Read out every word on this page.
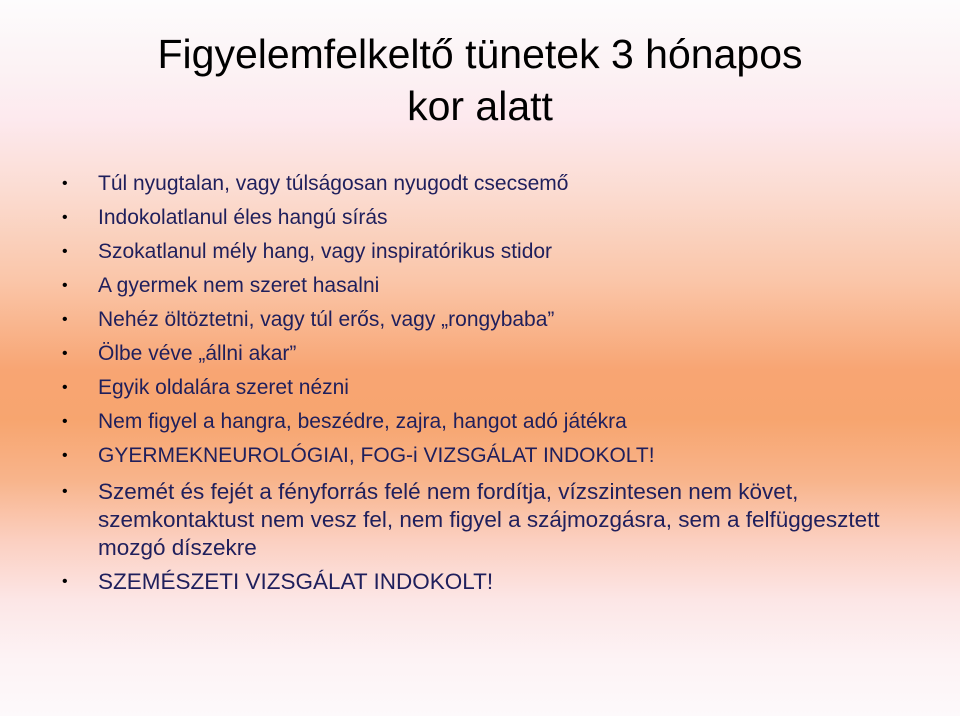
Figyelemfelkeltő tünetek 3 hónapos
kor alatt
• Túl nyugtalan, vagy túlságosan nyugodt csecsemő
• Indokolatlanul éles hangú sírás
• Szokatlanul mély hang, vagy inspiratórikus stidor
• A gyermek nem szeret hasalni
• Nehéz öltöztetni, vagy túl erős, vagy „rongybaba”
• Ölbe véve „állni akar”
• Egyik oldalára szeret nézni
• Nem figyel a hangra, beszédre, zajra, hangot adó játékra
• GYERMEKNEUROLÓGIAI, FOG-i VIZSGÁLAT INDOKOLT!
• Szemét és fejét a fényforrás felé nem fordítja, vízszintesen nem követ, szemkontaktust nem vesz fel, nem figyel a szájmozgásra, sem a felfüggesztett mozgó díszekre
• SZEMÉSZETI VIZSGÁLAT INDOKOLT!
